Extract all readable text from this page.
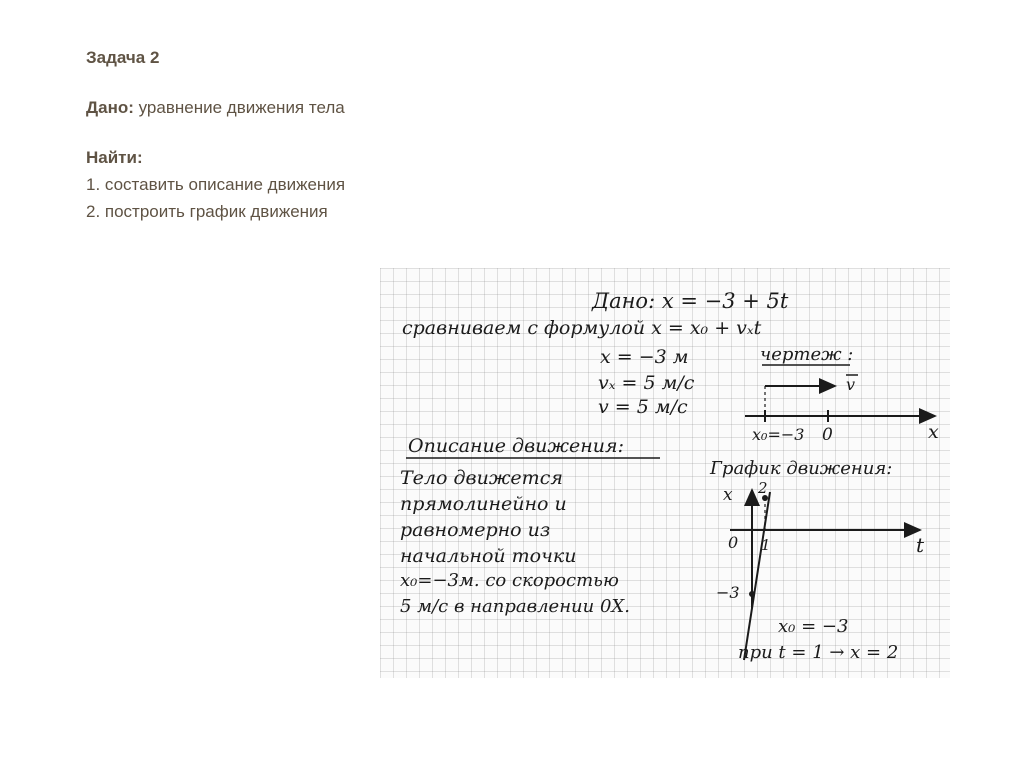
Задача 2
Дано: уравнение движения тела
Найти:
1. составить описание движения
2. построить график движения
Дано: x = −3 + 5t
сравниваем с формулой x = x₀ + vₓt
x = −3 м
vₓ = 5 м/с
v = 5 м/с
чертеж :
v
x₀=−3 0	x
Описание движения:
Тело движется
прямолинейно и
равномерно из
начальной точки
x₀=−3м. со скоростью
5 м/с в направлении 0Х.
График движения:
x 2
0 1	t
−3
x₀ = −3
при t = 1 → x = 2
